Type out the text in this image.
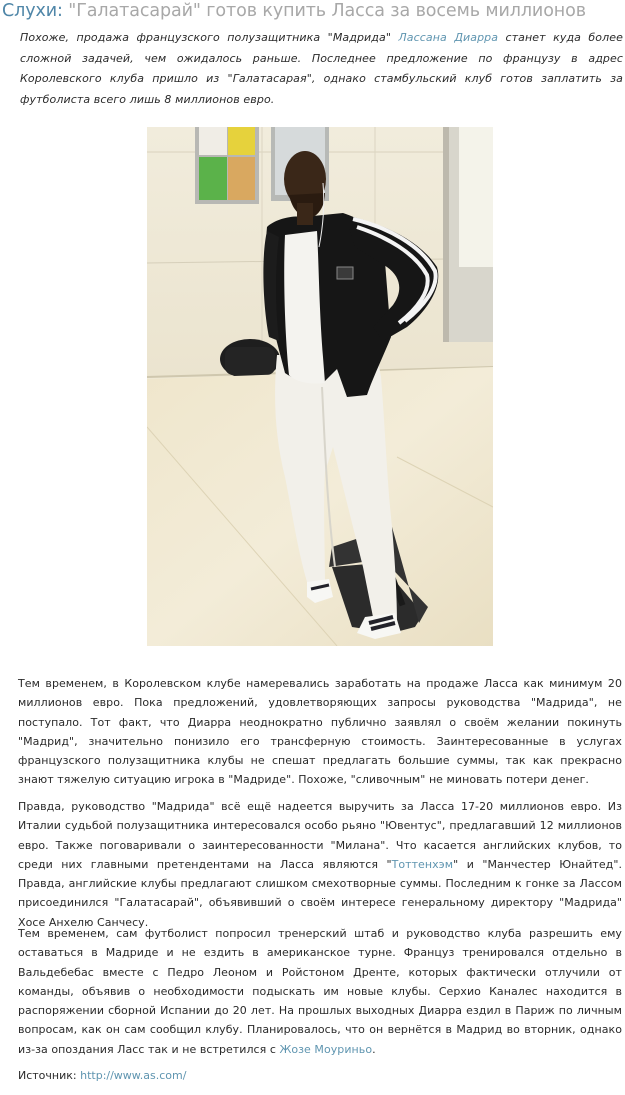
Слухи: "Галатасарай" готов купить Ласса за восемь миллионов

Похоже, продажа французского полузащитника "Мадрида" Лассана Диарра станет куда более сложной задачей, чем ожидалось раньше. Последнее предложение по французу в адрес Королевского клуба пришло из "Галатасарая", однако стамбульский клуб готов заплатить за футболиста всего лишь 8 миллионов евро.

Тем временем, в Королевском клубе намеревались заработать на продаже Ласса как минимум 20 миллионов евро. Пока предложений, удовлетворяющих запросы руководства "Мадрида", не поступало. Тот факт, что Диарра неоднократно публично заявлял о своём желании покинуть "Мадрид", значительно понизило его трансферную стоимость. Заинтересованные в услугах французского полузащитника клубы не спешат предлагать большие суммы, так как прекрасно знают тяжелую ситуацию игрока в "Мадриде". Похоже, "сливочным" не миновать потери денег.

Правда, руководство "Мадрида" всё ещё надеется выручить за Ласса 17-20 миллионов евро. Из Италии судьбой полузащитника интересовался особо рьяно "Ювентус", предлагавший 12 миллионов евро. Также поговаривали о заинтересованности "Милана". Что касается английских клубов, то среди них главными претендентами на Ласса являются "Тоттенхэм" и "Манчестер Юнайтед". Правда, английские клубы предлагают слишком смехотворные суммы. Последним к гонке за Лассом присоединился "Галатасарай", объявивший о своём интересе генеральному директору "Мадрида" Хосе Анхелю Санчесу.

Тем временем, сам футболист попросил тренерский штаб и руководство клуба разрешить ему оставаться в Мадриде и не ездить в американское турне. Француз тренировался отдельно в Вальдебебас вместе с Педро Леоном и Ройстоном Дренте, которых фактически отлучили от команды, объявив о необходимости подыскать им новые клубы. Серхио Каналес находится в распоряжении сборной Испании до 20 лет. На прошлых выходных Диарра ездил в Париж по личным вопросам, как он сам сообщил клубу. Планировалось, что он вернётся в Мадрид во вторник, однако из-за опоздания Ласс так и не встретился с Жозе Моуриньо.

Источник: http://www.as.com/
